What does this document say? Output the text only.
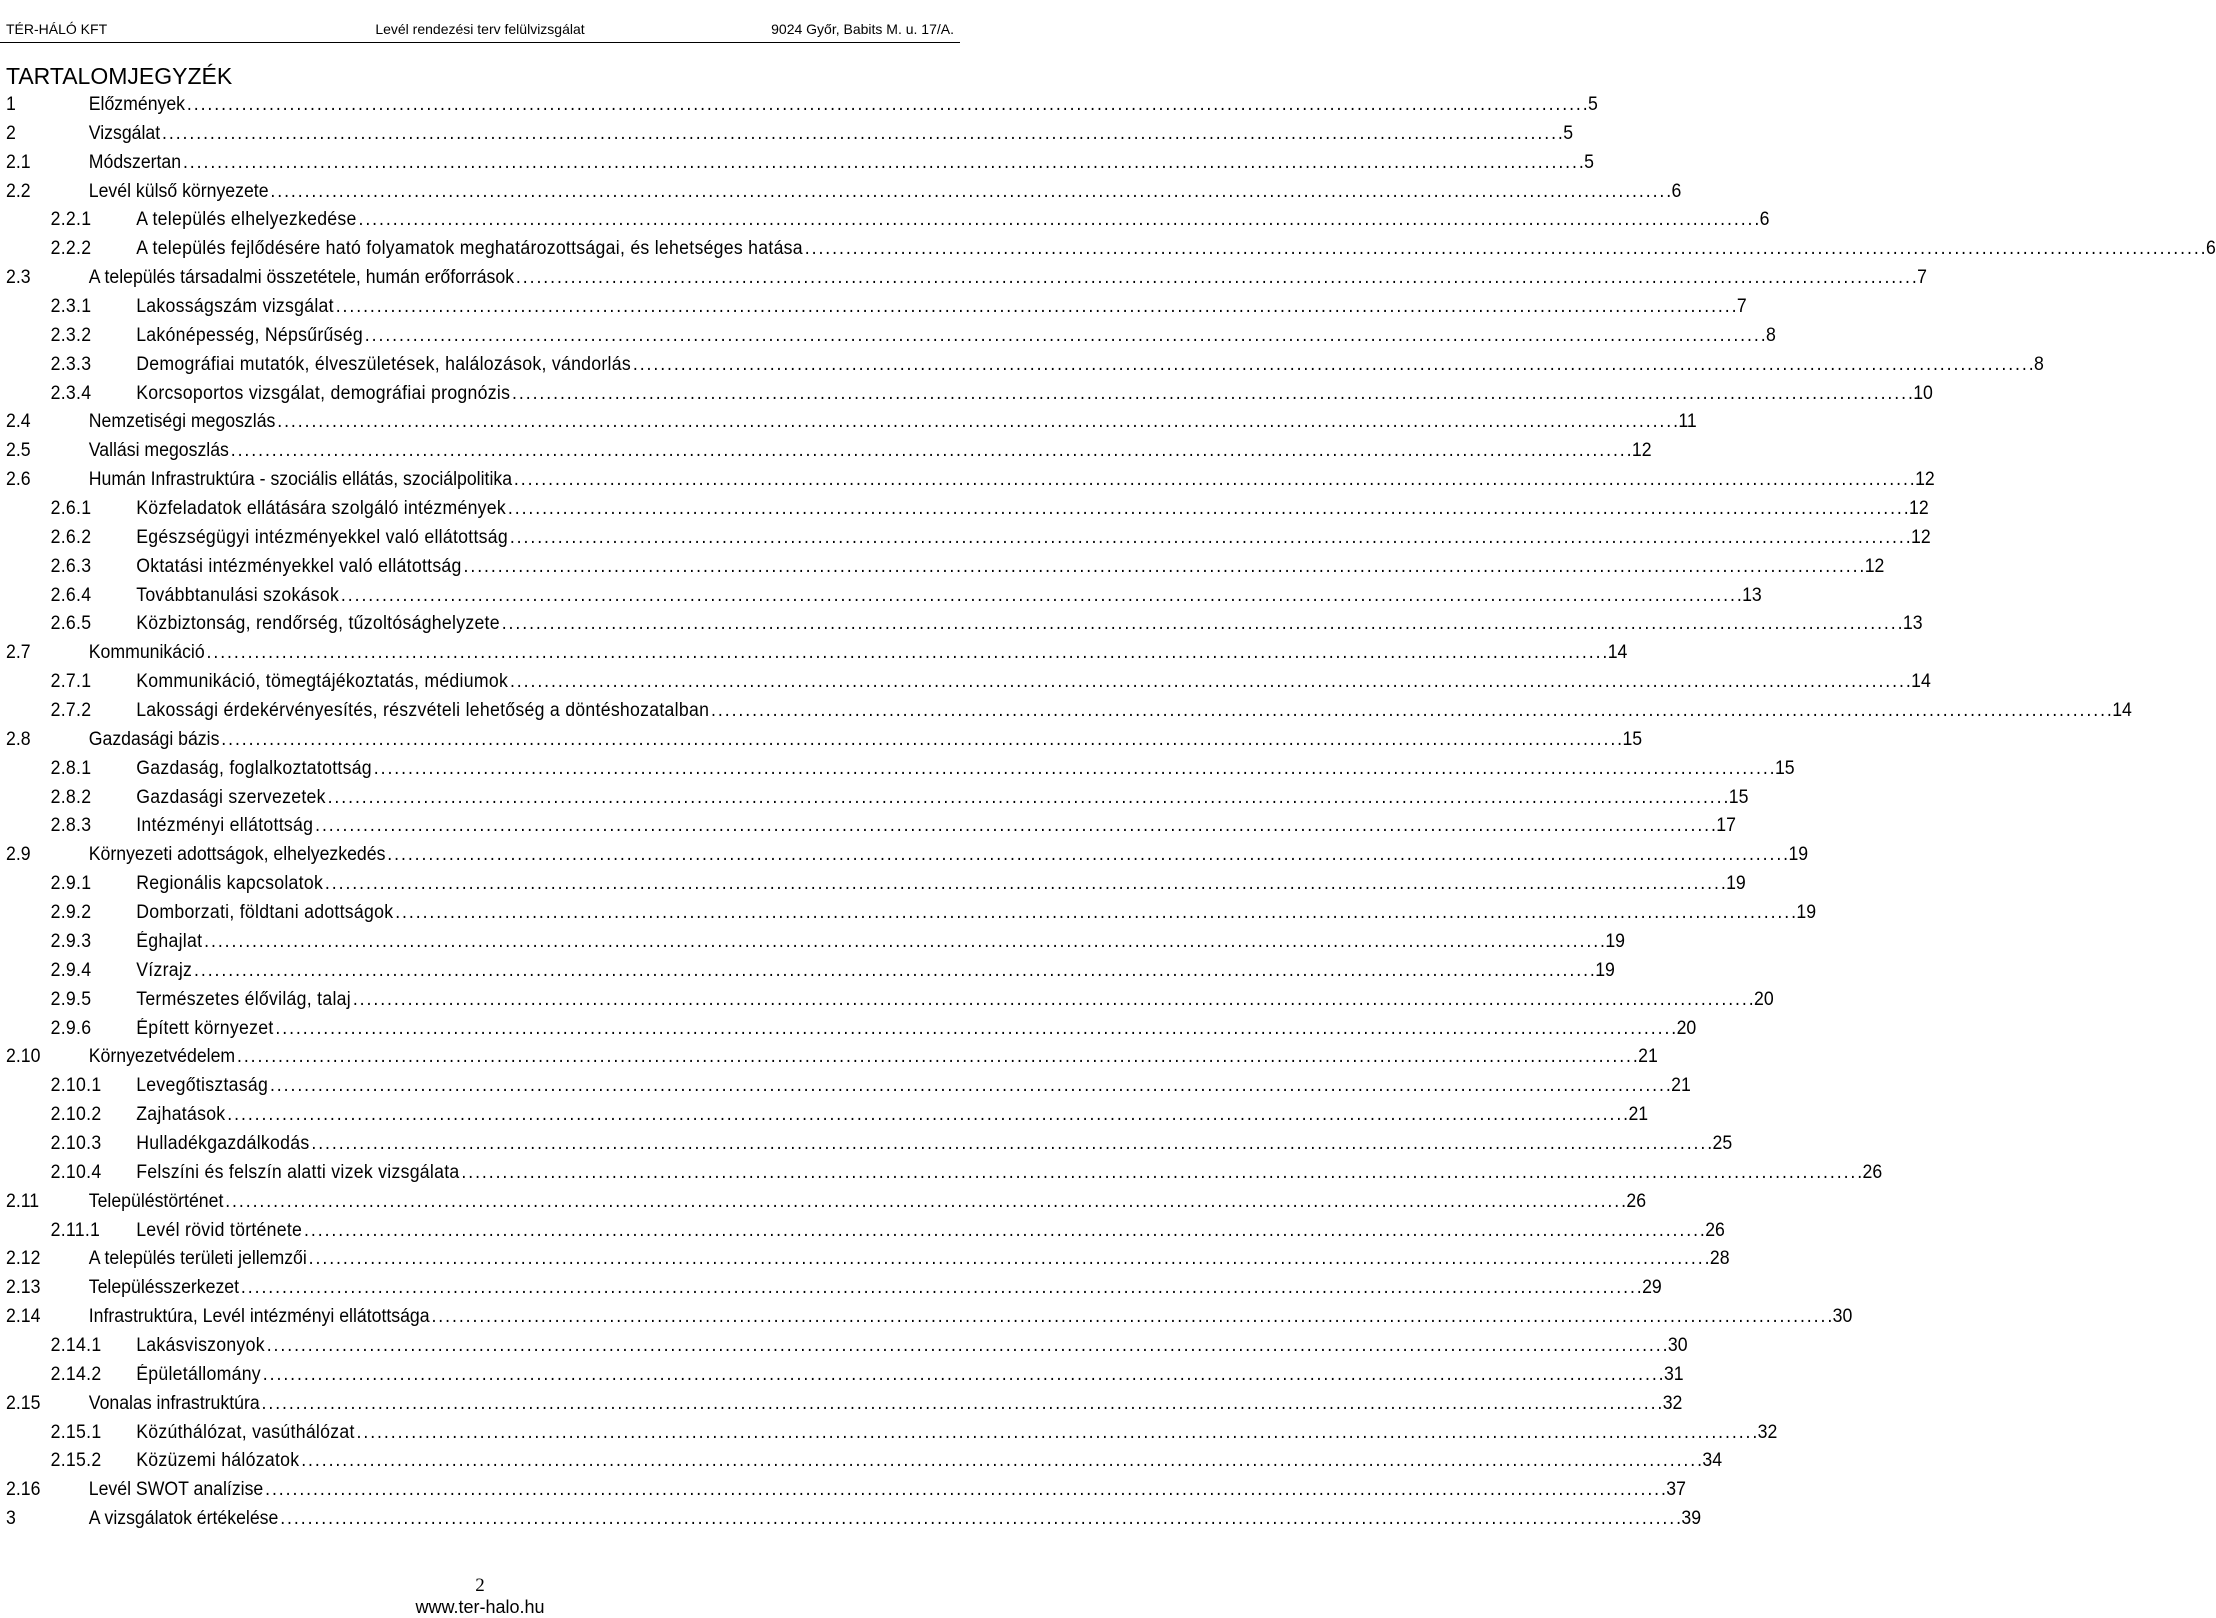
Levél rendezési terv felülvizsgálat
TÉR-HÁLÓ KFT	9024 Győr, Babits M. u. 17/A.
TARTALOMJEGYZÉK
1	Előzmények . . .	5
2	Vizsgálat . . .	5
2.1	Módszertan . . .	5
2.2	Levél külső környezete . . .	6
2.2.1	A település elhelyezkedése . . .	6
2.2.2	A település fejlődésére ható folyamatok meghatározottságai, és lehetséges hatása . . .	6
2.3	A település társadalmi összetétele, humán erőforrások . . .	7
2.3.1	Lakosságszám vizsgálat . . .	7
2.3.2	Lakónépesség, Népsűrűség . . .	8
2.3.3	Demográfiai mutatók, élveszületések, halálozások, vándorlás . . .	8
2.3.4	Korcsoportos vizsgálat, demográfiai prognózis . . .	10
2.4	Nemzetiségi megoszlás . . .	11
2.5	Vallási megoszlás . . .	12
2.6	Humán Infrastruktúra - szociális ellátás, szociálpolitika . . .	12
2.6.1	Közfeladatok ellátására szolgáló intézmények . . .	12
2.6.2	Egészségügyi intézményekkel való ellátottság . . .	12
2.6.3	Oktatási intézményekkel való ellátottság . . .	12
2.6.4	Továbbtanulási szokások . . .	13
2.6.5	Közbiztonság, rendőrség, tűzoltósághelyzete . . .	13
2.7	Kommunikáció . . .	14
2.7.1	Kommunikáció, tömegtájékoztatás, médiumok . . .	14
2.7.2	Lakossági érdekérvényesítés, részvételi lehetőség a döntéshozatalban . . .	14
2.8	Gazdasági bázis . . .	15
2.8.1	Gazdaság, foglalkoztatottság . . .	15
2.8.2	Gazdasági szervezetek . . .	15
2.8.3	Intézményi ellátottság . . .	17
2.9	Környezeti adottságok, elhelyezkedés . . .	19
2.9.1	Regionális kapcsolatok . . .	19
2.9.2	Domborzati, földtani adottságok . . .	19
2.9.3	Éghajlat . . .	19
2.9.4	Vízrajz . . .	19
2.9.5	Természetes élővilág, talaj . . .	20
2.9.6	Épített környezet . . .	20
2.10	Környezetvédelem . . .	21
2.10.1	Levegőtisztaság . . .	21
2.10.2	Zajhatások . . .	21
2.10.3	Hulladékgazdálkodás . . .	25
2.10.4	Felszíni és felszín alatti vizek vizsgálata . . .	26
2.11	Településtörténet . . .	26
2.11.1	Levél rövid története . . .	26
2.12	A település területi jellemzői . . .	28
2.13	Településszerkezet . . .	29
2.14	Infrastruktúra, Levél intézményi ellátottsága . . .	30
2.14.1	Lakásviszonyok . . .	30
2.14.2	Épületállomány . . .	31
2.15	Vonalas infrastruktúra . . .	32
2.15.1	Közúthálózat, vasúthálózat . . .	32
2.15.2	Közüzemi hálózatok . . .	34
2.16	Levél SWOT analízise . . .	37
3	A vizsgálatok értékelése . . .	39
2
www.ter-halo.hu
